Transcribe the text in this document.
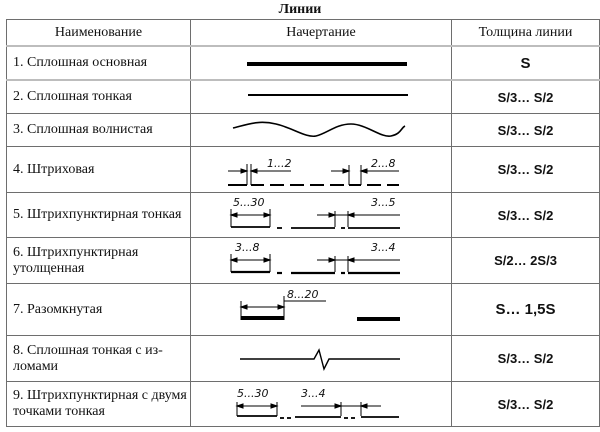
Линии
Наименование	Начертание	Толщина линии
1. Сплошная основная		S
2. Сплошная тонкая		S/3… S/2
3. Сплошная волнистая		S/3… S/2
4. Штриховая	1...2 2...8	S/3… S/2
5. Штрихпунктирная тонкая	5...30 3...5	S/3… S/2
6. Штрихпунктирная утолщенная	3...8 3...4	S/2… 2S/3
7. Разомкнутая	8...20	S… 1,5S
8. Сплошная тонкая с из-ломами		S/3… S/2
9. Штрихпунктирная с двумя точками тонкая	5...30 3...4	S/3… S/2
